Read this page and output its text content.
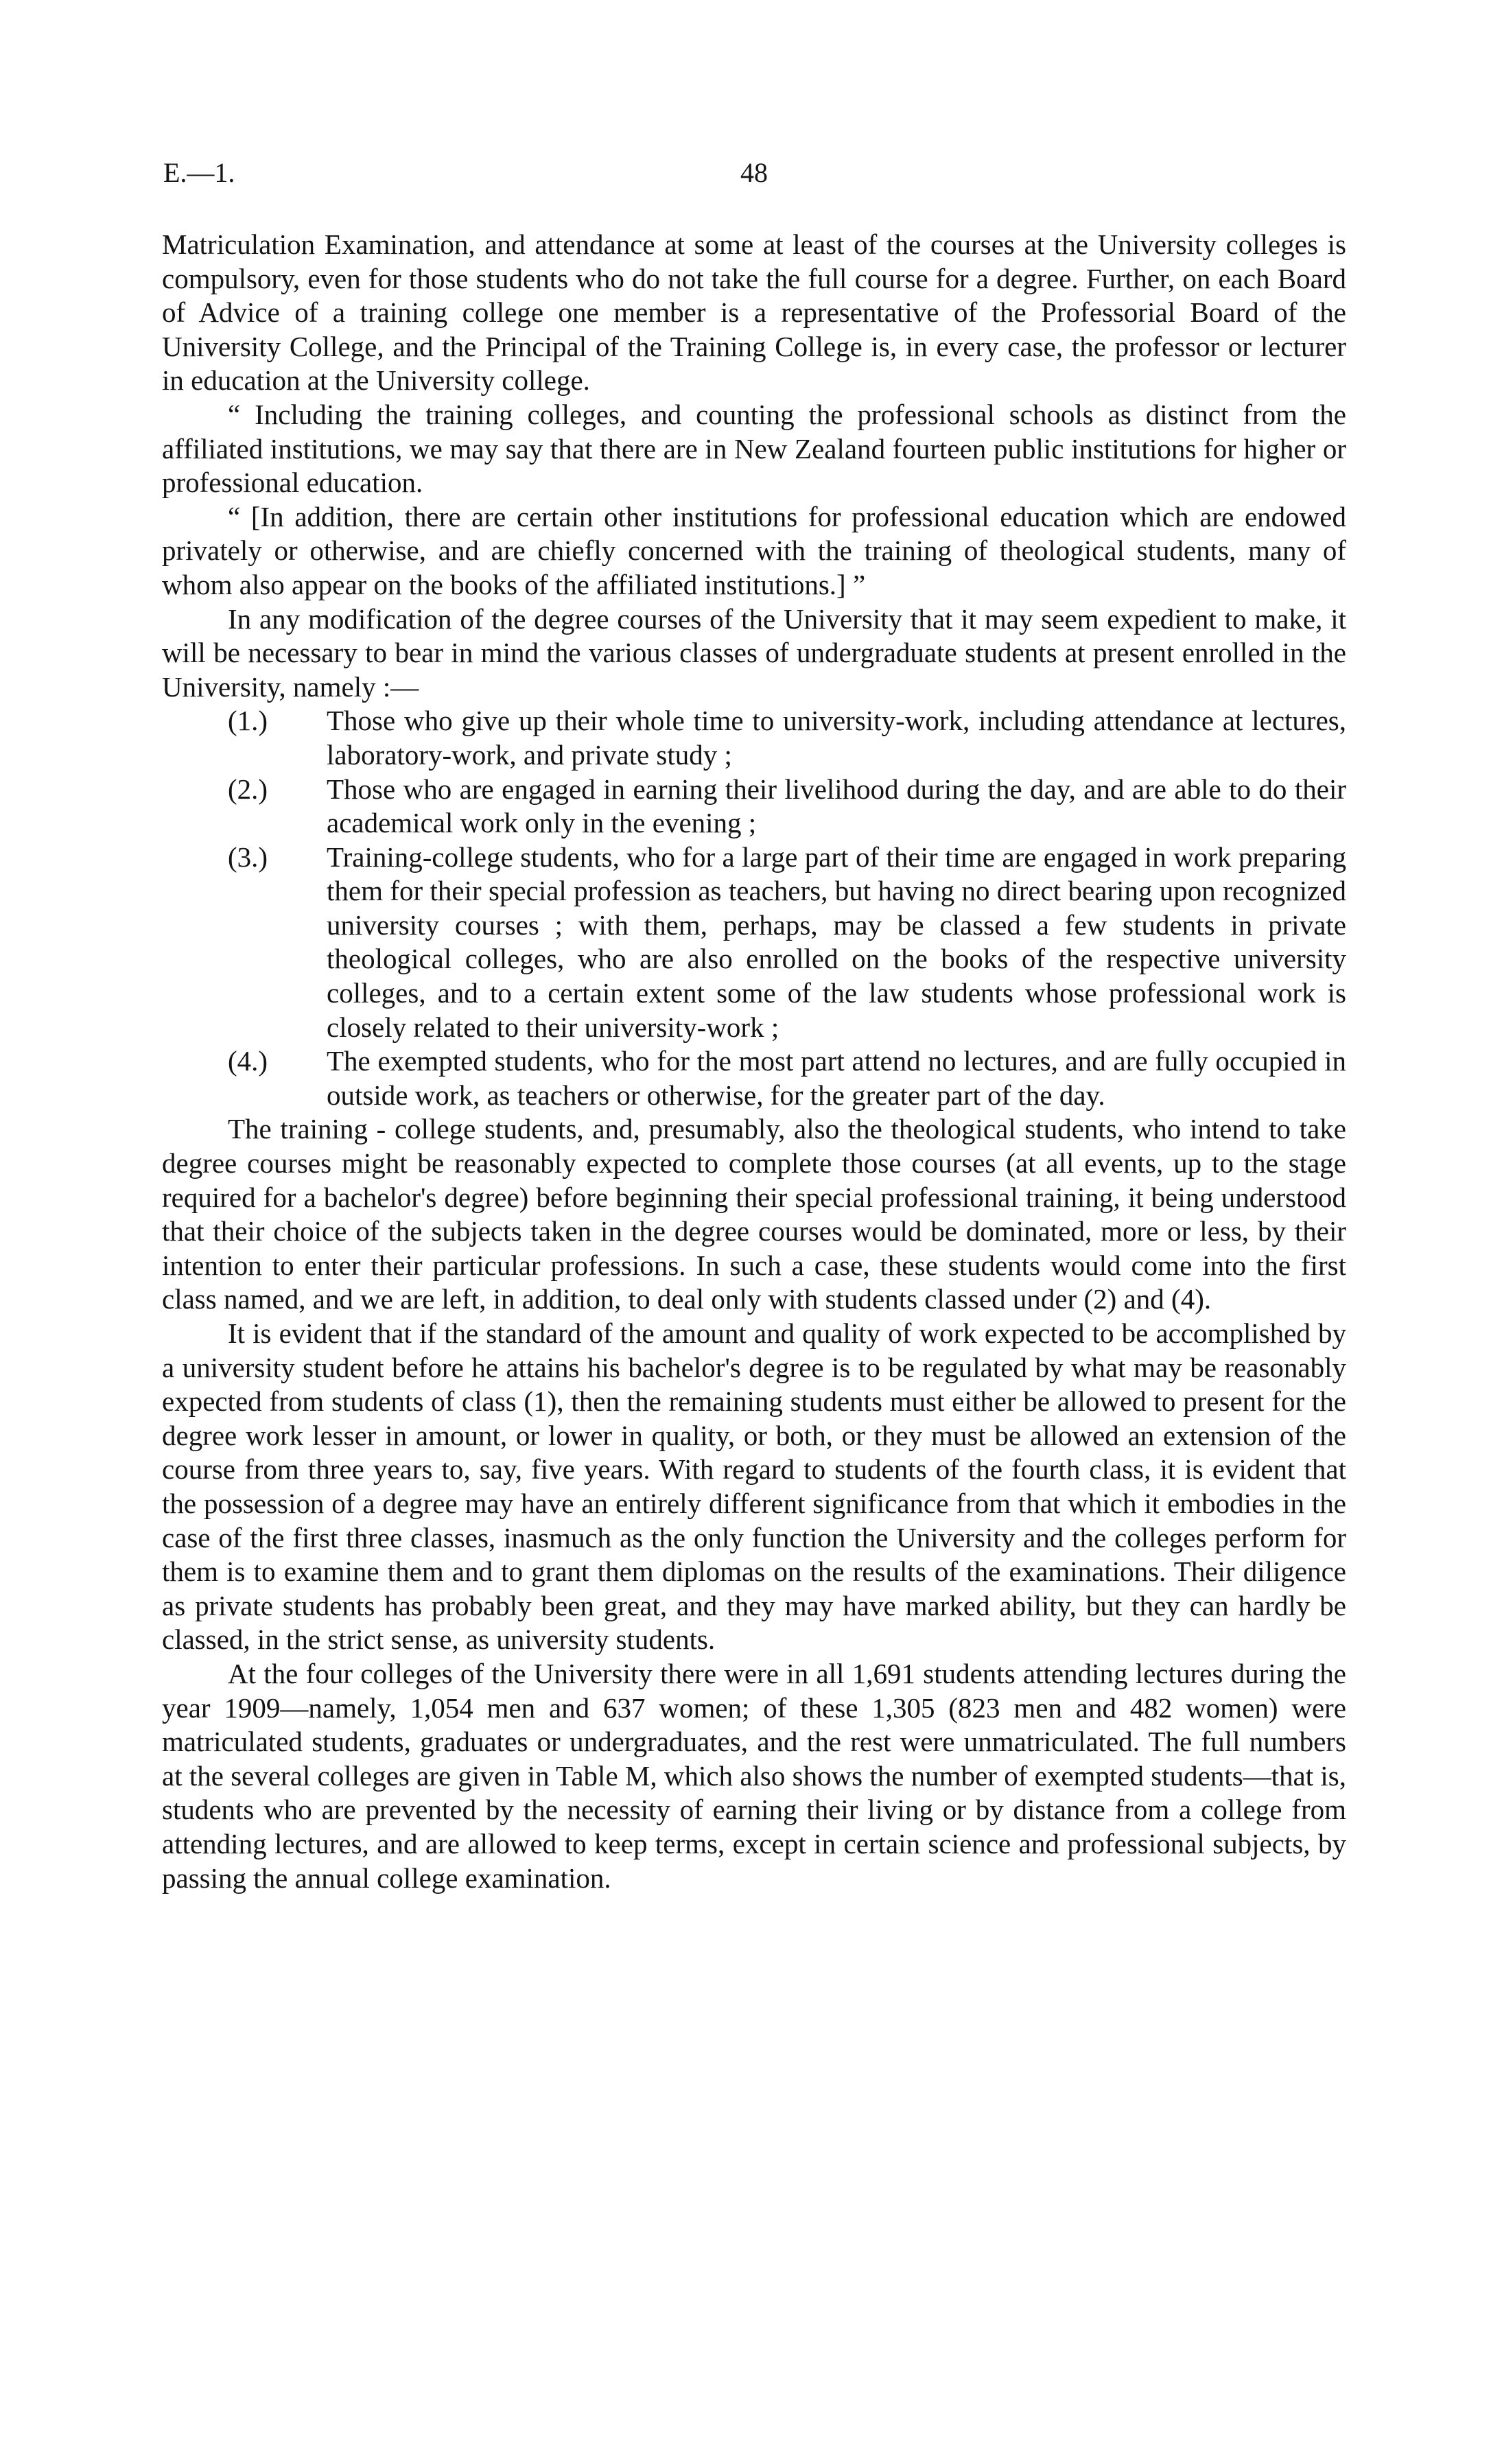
E.—1.	48

Matriculation Examination, and attendance at some at least of the courses at the University colleges is compulsory, even for those students who do not take the full course for a degree. Further, on each Board of Advice of a training college one member is a representative of the Professorial Board of the University College, and the Principal of the Training College is, in every case, the professor or lecturer in education at the University college.

“ Including the training colleges, and counting the professional schools as distinct from the affiliated institutions, we may say that there are in New Zealand fourteen public institutions for higher or professional education.

“ [In addition, there are certain other institutions for professional education which are endowed privately or otherwise, and are chiefly concerned with the training of theological students, many of whom also appear on the books of the affiliated institutions.] ”

In any modification of the degree courses of the University that it may seem expedient to make, it will be necessary to bear in mind the various classes of undergraduate students at present enrolled in the University, namely :—

(1.) Those who give up their whole time to university-work, including attendance at lectures, laboratory-work, and private study ;
(2.) Those who are engaged in earning their livelihood during the day, and are able to do their academical work only in the evening ;
(3.) Training-college students, who for a large part of their time are engaged in work preparing them for their special profession as teachers, but having no direct bearing upon recognized university courses ; with them, perhaps, may be classed a few students in private theological colleges, who are also enrolled on the books of the respective university colleges, and to a certain extent some of the law students whose professional work is closely related to their university-work ;
(4.) The exempted students, who for the most part attend no lectures, and are fully occupied in outside work, as teachers or otherwise, for the greater part of the day.

The training - college students, and, presumably, also the theological students, who intend to take degree courses might be reasonably expected to complete those courses (at all events, up to the stage required for a bachelor's degree) before beginning their special professional training, it being understood that their choice of the subjects taken in the degree courses would be dominated, more or less, by their intention to enter their particular professions. In such a case, these students would come into the first class named, and we are left, in addition, to deal only with students classed under (2) and (4).

It is evident that if the standard of the amount and quality of work expected to be accomplished by a university student before he attains his bachelor's degree is to be regulated by what may be reasonably expected from students of class (1), then the remaining students must either be allowed to present for the degree work lesser in amount, or lower in quality, or both, or they must be allowed an extension of the course from three years to, say, five years. With regard to students of the fourth class, it is evident that the possession of a degree may have an entirely different significance from that which it embodies in the case of the first three classes, inasmuch as the only function the University and the colleges perform for them is to examine them and to grant them diplomas on the results of the examinations. Their diligence as private students has probably been great, and they may have marked ability, but they can hardly be classed, in the strict sense, as university students.

At the four colleges of the University there were in all 1,691 students attending lectures during the year 1909—namely, 1,054 men and 637 women; of these 1,305 (823 men and 482 women) were matriculated students, graduates or undergraduates, and the rest were unmatriculated. The full numbers at the several colleges are given in Table M, which also shows the number of exempted students—that is, students who are prevented by the necessity of earning their living or by distance from a college from attending lectures, and are allowed to keep terms, except in certain science and professional subjects, by passing the annual college examination.
